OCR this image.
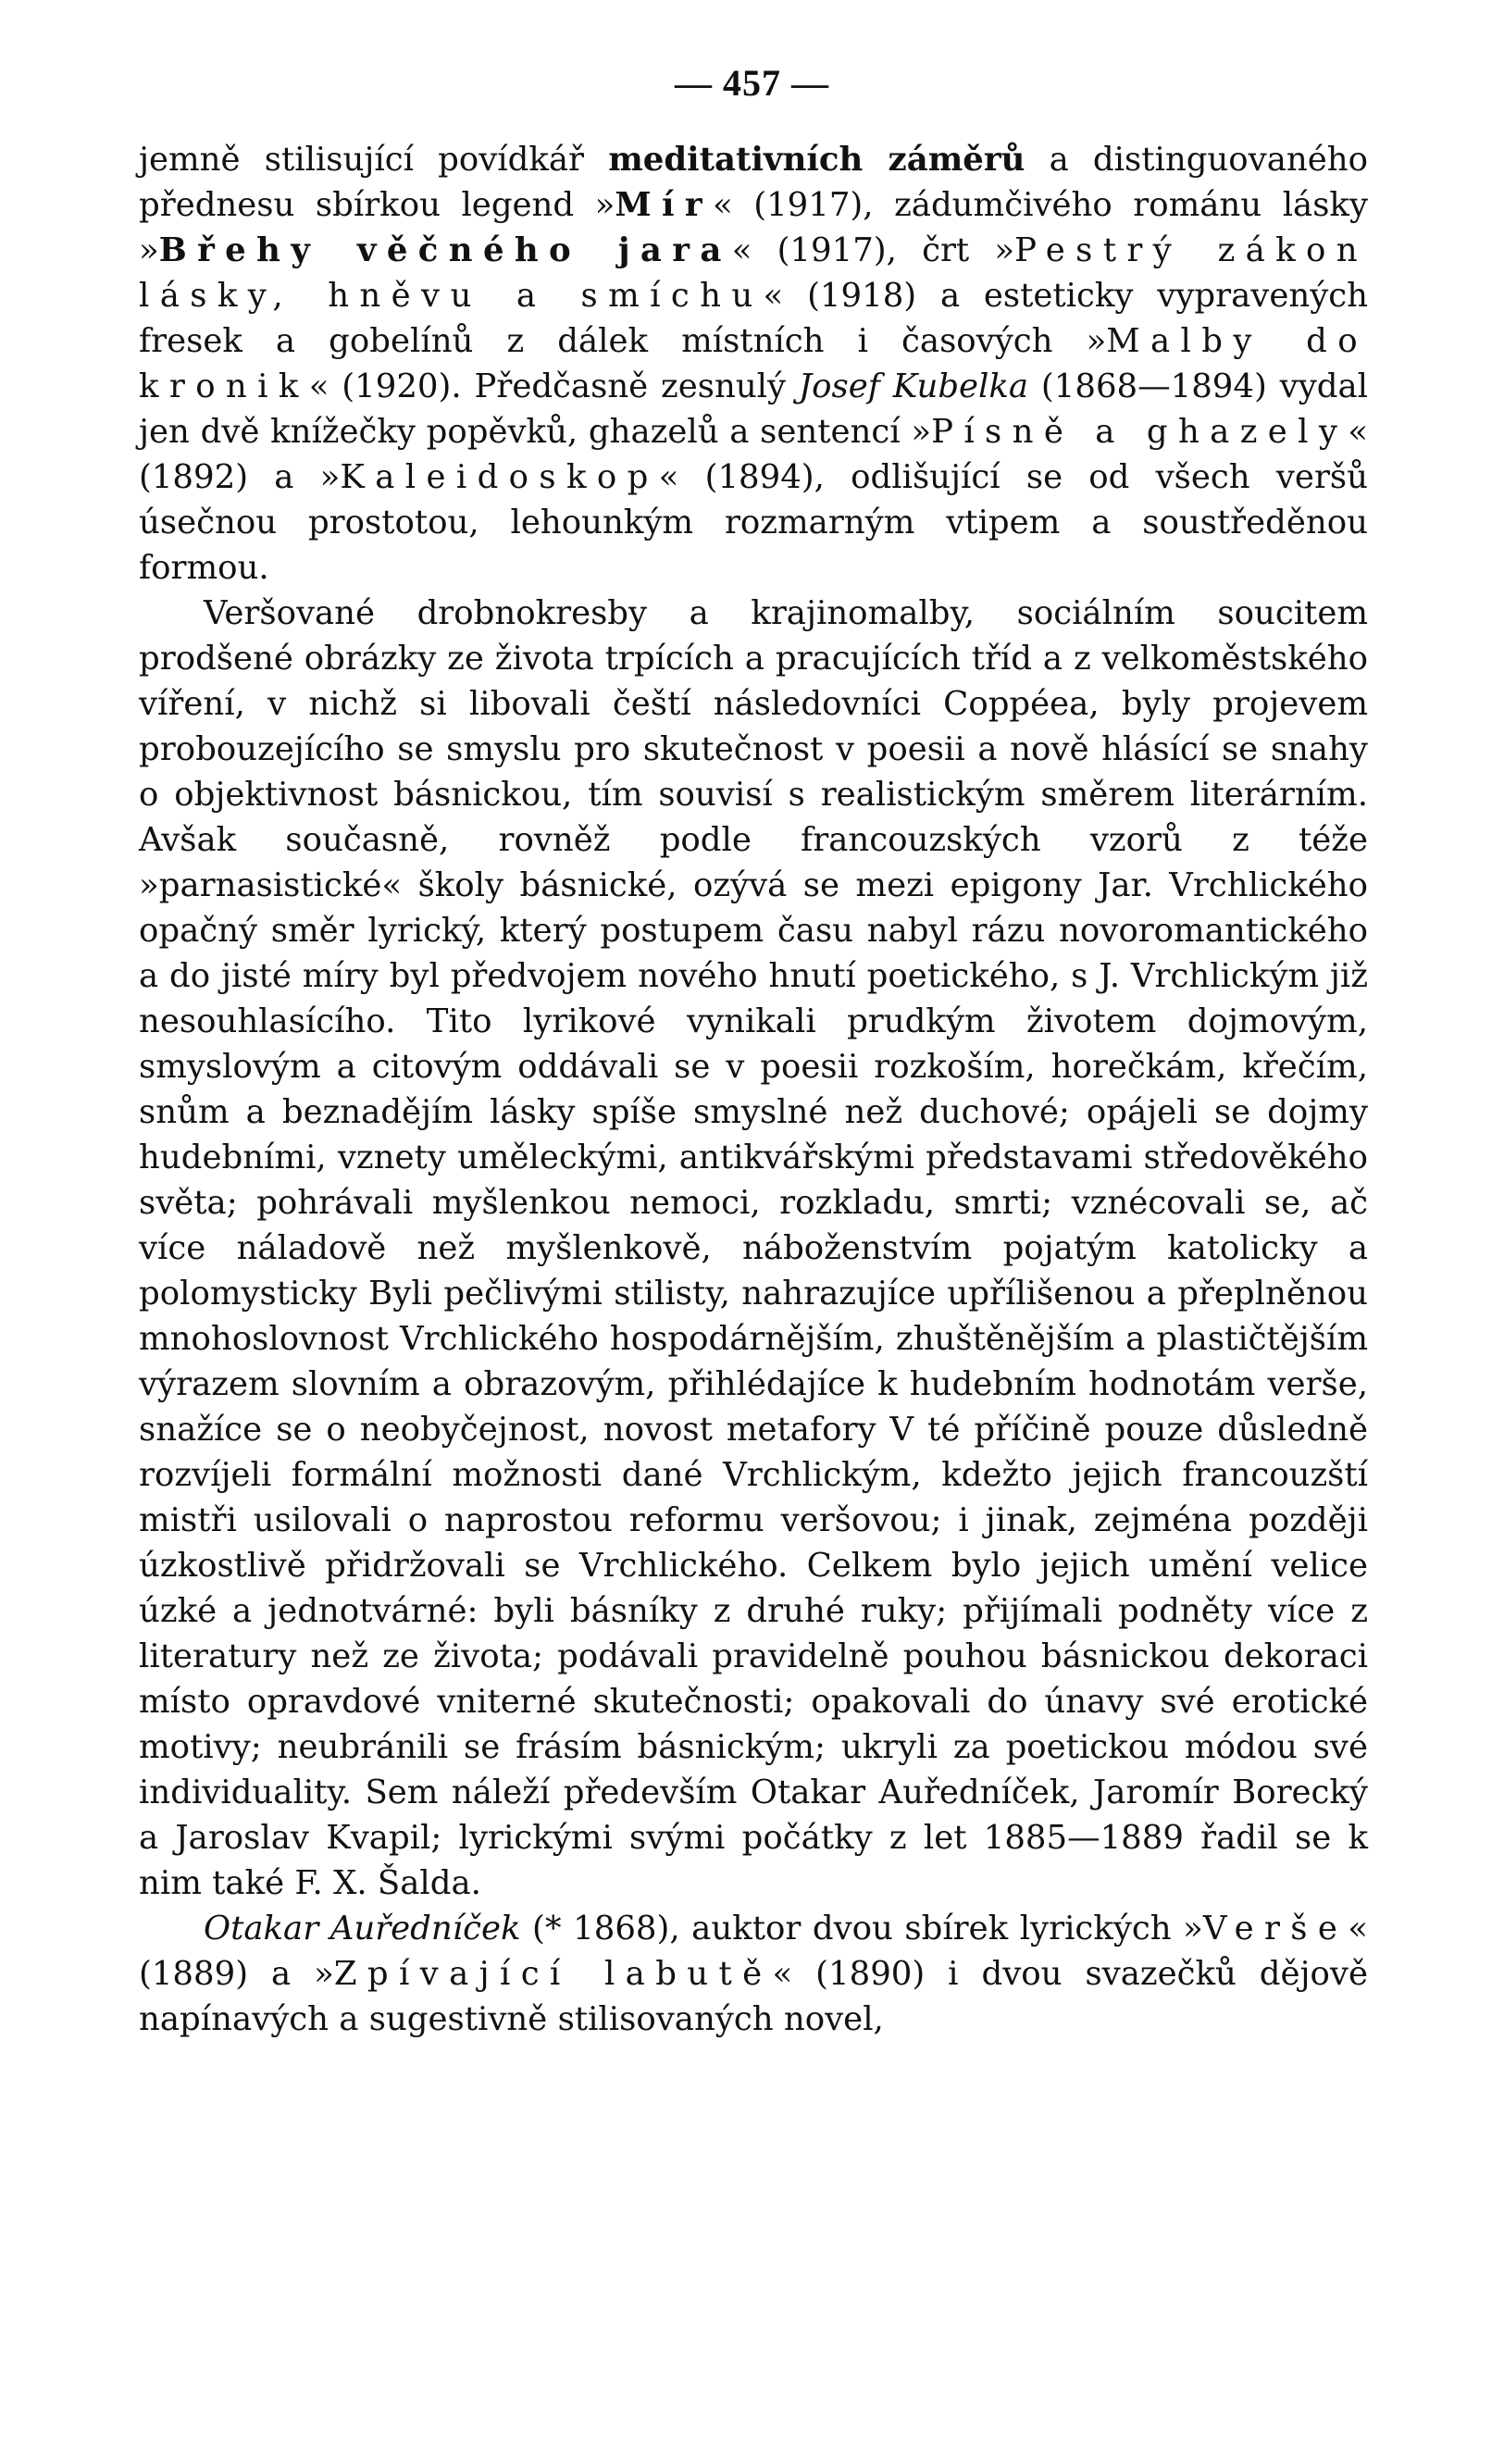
— 457 —

jemně stilisující povídkář meditativních záměrů a distinguovaného přednesu sbírkou legend »Mír« (1917), zádumčivého románu lásky »Břehy věčného jara« (1917), črt »Pestrý zákon lásky, hněvu a smíchu« (1918) a esteticky vypravených fresek a gobelínů z dálek místních i časových »Malby do kronik« (1920). Předčasně zesnulý Josef Kubelka (1868—1894) vydal jen dvě knížečky popěvků, ghazelů a sentencí »Písně a ghazely« (1892) a »Kaleidoskop« (1894), odlišující se od všech veršů úsečnou prostotou, lehounkým rozmarným vtipem a soustředěnou formou.

Veršované drobnokresby a krajinomalby, sociálním soucitem prodšené obrázky ze života trpících a pracujících tříd a z velkoměstského víření, v nichž si libovali čeští následovníci Coppéea, byly projevem probouzejícího se smyslu pro skutečnost v poesii a nově hlásící se snahy o objektivnost básnickou, tím souvisí s realistickým směrem literárním. Avšak současně, rovněž podle francouzských vzorů z téže »parnasistické« školy básnické, ozývá se mezi epigony Jar. Vrchlického opačný směr lyrický, který postupem času nabyl rázu novoromantického a do jisté míry byl předvojem nového hnutí poetického, s J. Vrchlickým již nesouhlasícího. Tito lyrikové vynikali prudkým životem dojmovým, smyslovým a citovým oddávali se v poesii rozkoším, horečkám, křečím, snům a beznadějím lásky spíše smyslné než duchové; opájeli se dojmy hudebními, vznety uměleckými, antikvářskými představami středověkého světa; pohrávali myšlenkou nemoci, rozkladu, smrti; vznécovali se, ač více náladově než myšlenkově, náboženstvím pojatým katolicky a polomysticky Byli pečlivými stilisty, nahrazujíce upřílišenou a přeplněnou mnohoslovnost Vrchlického hospodárnějším, zhuštěnějším a plastičtějším výrazem slovním a obrazovým, přihlédajíce k hudebním hodnotám verše, snažíce se o neobyčejnost, novost metafory V té příčině pouze důsledně rozvíjeli formální možnosti dané Vrchlickým, kdežto jejich francouzští mistři usilovali o naprostou reformu veršovou; i jinak, zejména později úzkostlivě přidržovali se Vrchlického. Celkem bylo jejich umění velice úzké a jednotvárné: byli básníky z druhé ruky; přijímali podněty více z literatury než ze života; podávali pravidelně pouhou básnickou dekoraci místo opravdové vniterné skutečnosti; opakovali do únavy své erotické motivy; neubránili se frásím básnickým; ukryli za poetickou módou své individuality. Sem náleží především Otakar Auředníček, Jaromír Borecký a Jaroslav Kvapil; lyrickými svými počátky z let 1885—1889 řadil se k nim také F. X. Šalda.

Otakar Auředníček (* 1868), auktor dvou sbírek lyrických »Verše« (1889) a »Zpívající labutě« (1890) i dvou svazečků dějově napínavých a sugestivně stilisovaných novel,
